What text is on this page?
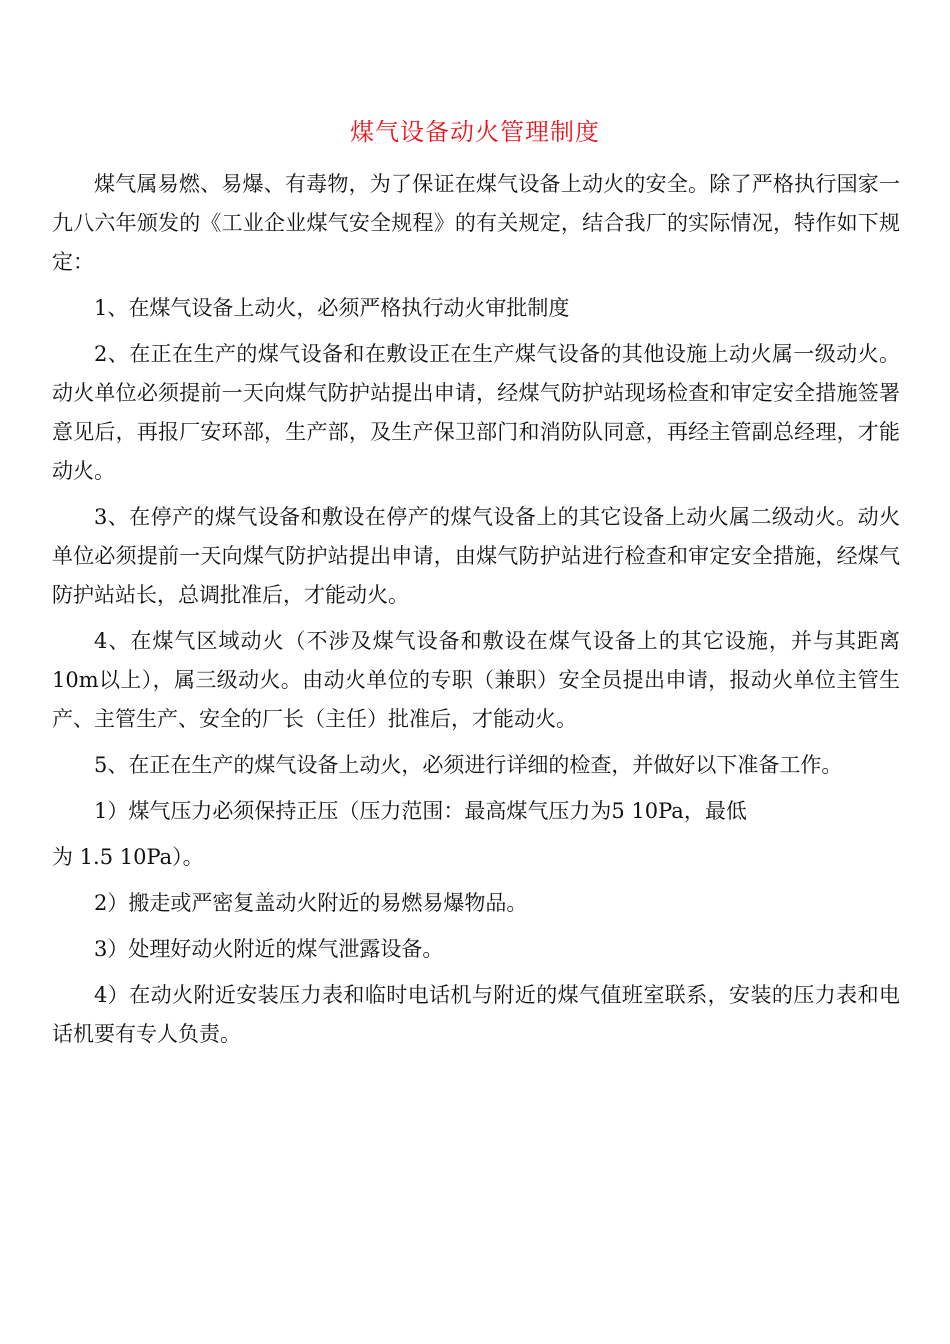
煤气设备动火管理制度

煤气属易燃、易爆、有毒物，为了保证在煤气设备上动火的安全。除了严格执行国家一九八六年颁发的《工业企业煤气安全规程》的有关规定，结合我厂的实际情况，特作如下规定：

1、在煤气设备上动火，必须严格执行动火审批制度

2、在正在生产的煤气设备和在敷设正在生产煤气设备的其他设施上动火属一级动火。动火单位必须提前一天向煤气防护站提出申请，经煤气防护站现场检查和审定安全措施签署意见后，再报厂安环部，生产部，及生产保卫部门和消防队同意，再经主管副总经理，才能动火。

3、在停产的煤气设备和敷设在停产的煤气设备上的其它设备上动火属二级动火。动火单位必须提前一天向煤气防护站提出申请，由煤气防护站进行检查和审定安全措施，经煤气防护站站长，总调批准后，才能动火。

4、在煤气区域动火（不涉及煤气设备和敷设在煤气设备上的其它设施，并与其距离10m以上），属三级动火。由动火单位的专职（兼职）安全员提出申请，报动火单位主管生产、主管生产、安全的厂长（主任）批准后，才能动火。

5、在正在生产的煤气设备上动火，必须进行详细的检查，并做好以下准备工作。

1）煤气压力必须保持正压（压力范围：最高煤气压力为5 10Pa，最低

为 1.5 10Pa）。

2）搬走或严密复盖动火附近的易燃易爆物品。

3）处理好动火附近的煤气泄露设备。

4）在动火附近安装压力表和临时电话机与附近的煤气值班室联系，安装的压力表和电话机要有专人负责。
